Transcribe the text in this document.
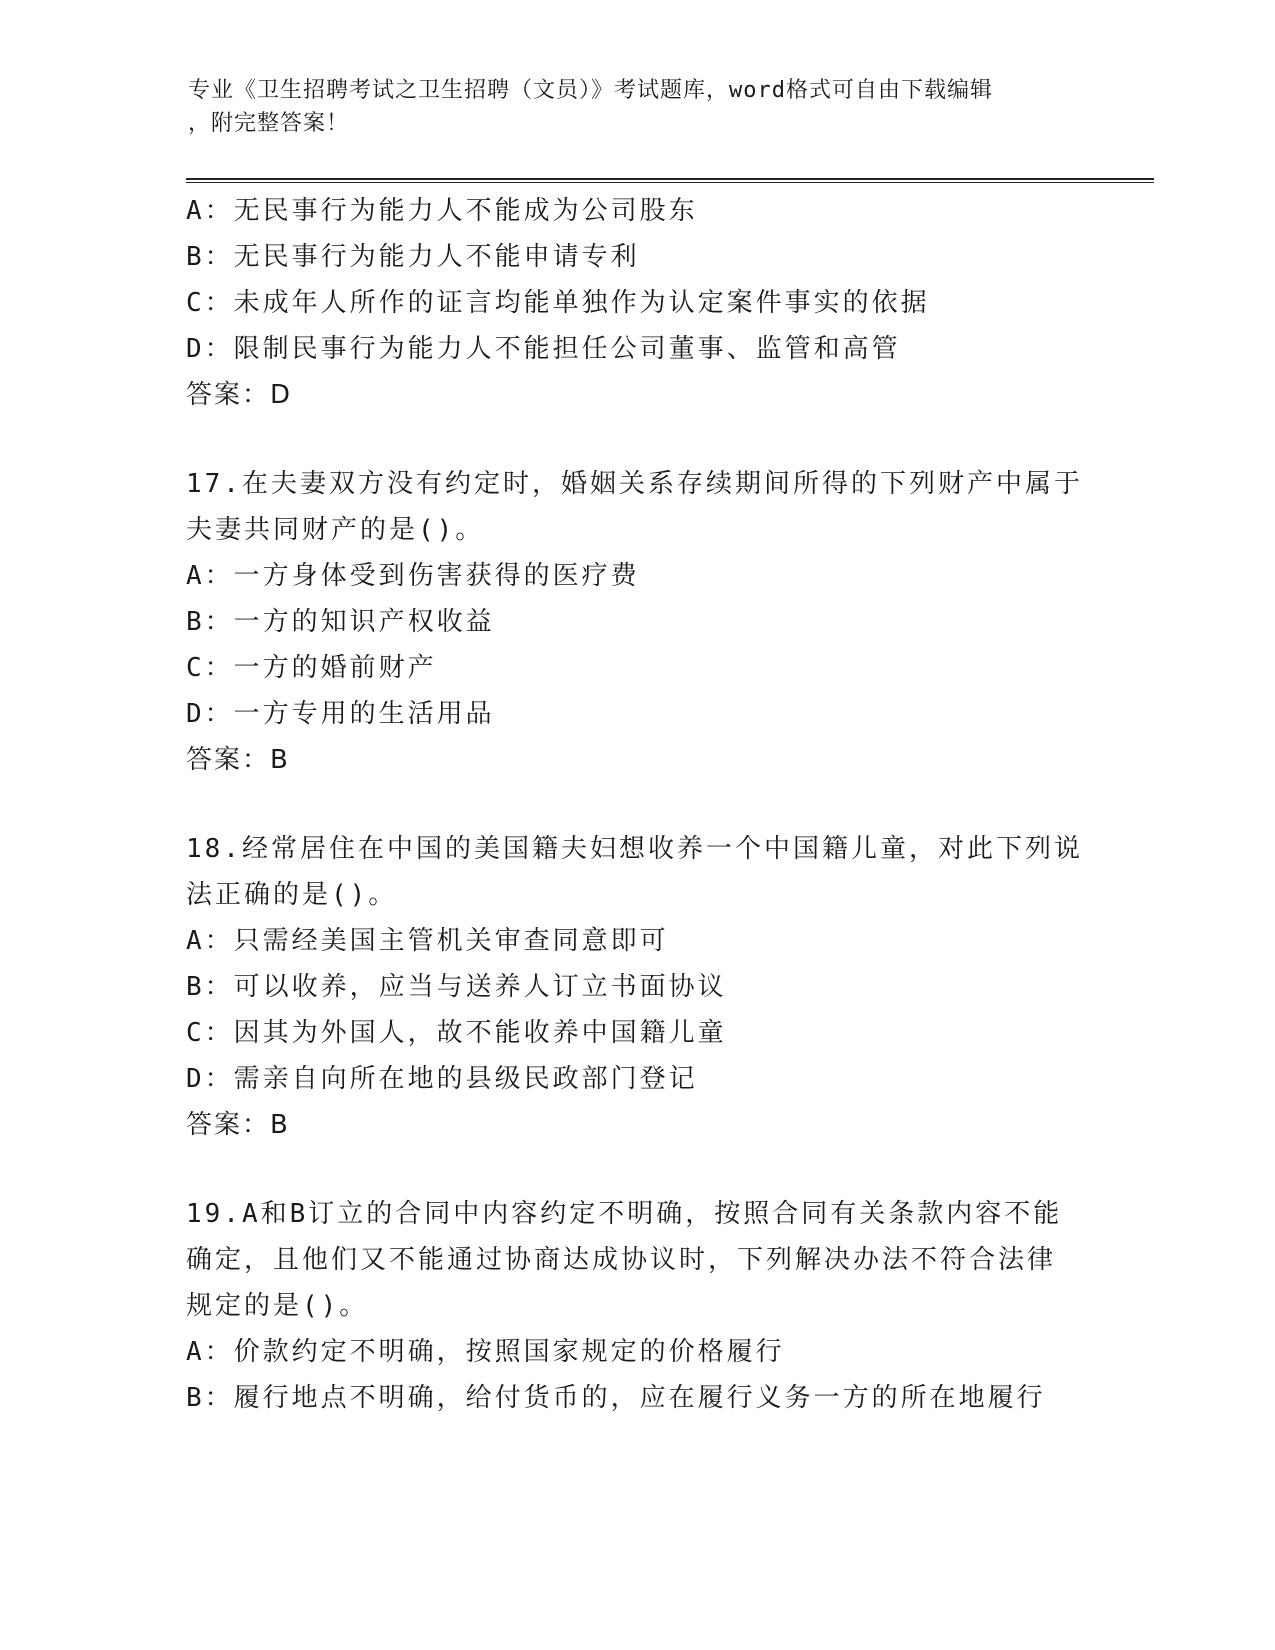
专业《卫生招聘考试之卫生招聘（文员）》考试题库，word格式可自由下载编辑
，附完整答案！
A：无民事行为能力人不能成为公司股东
B：无民事行为能力人不能申请专利
C：未成年人所作的证言均能单独作为认定案件事实的依据
D：限制民事行为能力人不能担任公司董事、监管和高管
答案：D
17.在夫妻双方没有约定时，婚姻关系存续期间所得的下列财产中属于
夫妻共同财产的是()。
A：一方身体受到伤害获得的医疗费
B：一方的知识产权收益
C：一方的婚前财产
D：一方专用的生活用品
答案：B
18.经常居住在中国的美国籍夫妇想收养一个中国籍儿童，对此下列说
法正确的是()。
A：只需经美国主管机关审查同意即可
B：可以收养，应当与送养人订立书面协议
C：因其为外国人，故不能收养中国籍儿童
D：需亲自向所在地的县级民政部门登记
答案：B
19.A和B订立的合同中内容约定不明确，按照合同有关条款内容不能
确定，且他们又不能通过协商达成协议时，下列解决办法不符合法律
规定的是()。
A：价款约定不明确，按照国家规定的价格履行
B：履行地点不明确，给付货币的，应在履行义务一方的所在地履行
